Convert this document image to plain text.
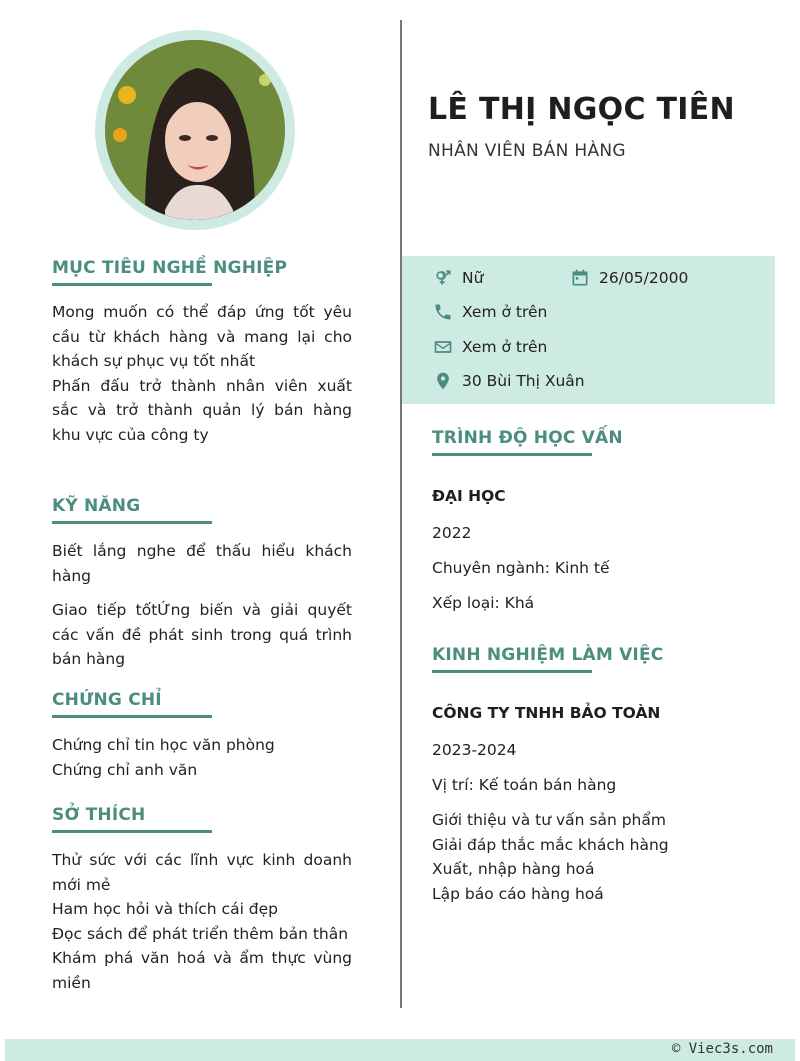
MỤC TIÊU NGHỀ NGHIỆP

Mong muốn có thể đáp ứng tốt yêu cầu từ khách hàng và mang lại cho khách sự phục vụ tốt nhất

Phấn đấu trở thành nhân viên xuất sắc và trở thành quản lý bán hàng khu vực của công ty

KỸ NĂNG

Biết lắng nghe để thấu hiểu khách hàng

Giao tiếp tốtỨng biến và giải quyết các vấn đề phát sinh trong quá trình bán hàng

CHỨNG CHỈ

Chứng chỉ tin học văn phòng

Chứng chỉ anh văn

SỞ THÍCH

Thử sức với các lĩnh vực kinh doanh mới mẻ

Ham học hỏi và thích cái đẹp

Đọc sách để phát triển thêm bản thân

Khám phá văn hoá và ẩm thực vùng miền

LÊ THỊ NGỌC TIÊN
NHÂN VIÊN BÁN HÀNG
Nữ	26/05/2000
Xem ở trên
Xem ở trên
30 Bùi Thị Xuân
TRÌNH ĐỘ HỌC VẤN
ĐẠI HỌC
2022
Chuyên ngành: Kinh tế
Xếp loại: Khá
KINH NGHIỆM LÀM VIỆC
CÔNG TY TNHH BẢO TOÀN
2023-2024
Vị trí: Kế toán bán hàng
Giới thiệu và tư vấn sản phẩm
Giải đáp thắc mắc khách hàng
Xuất, nhập hàng hoá
Lập báo cáo hàng hoá
© Viec3s.com
